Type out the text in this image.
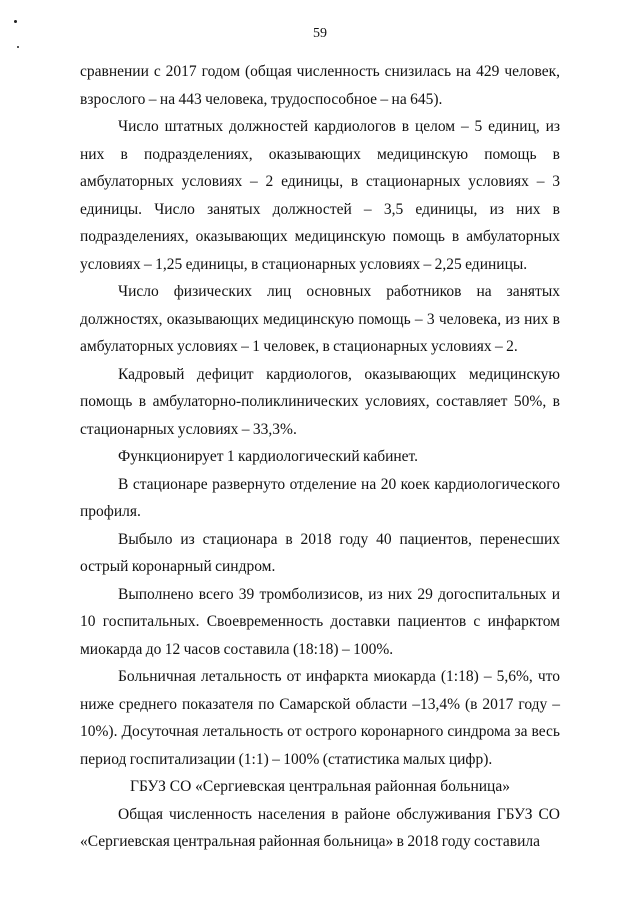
59

сравнении с 2017 годом (общая численность снизилась на 429 человек, взрослого – на 443 человека, трудоспособное – на 645).

Число штатных должностей кардиологов в целом – 5 единиц, из них в подразделениях, оказывающих медицинскую помощь в амбулаторных условиях – 2 единицы, в стационарных условиях – 3 единицы. Число занятых должностей – 3,5 единицы, из них в подразделениях, оказывающих медицинскую помощь в амбулаторных условиях – 1,25 единицы, в стационарных условиях – 2,25 единицы.

Число физических лиц основных работников на занятых должностях, оказывающих медицинскую помощь – 3 человека, из них в амбулаторных условиях – 1 человек, в стационарных условиях – 2.

Кадровый дефицит кардиологов, оказывающих медицинскую помощь в амбулаторно-поликлинических условиях, составляет 50%, в стационарных условиях – 33,3%.

Функционирует 1 кардиологический кабинет.

В стационаре развернуто отделение на 20 коек кардиологического профиля.

Выбыло из стационара в 2018 году 40 пациентов, перенесших острый коронарный синдром.

Выполнено всего 39 тромболизисов, из них 29 догоспитальных и 10 госпитальных. Своевременность доставки пациентов с инфарктом миокарда до 12 часов составила (18:18) – 100%.

Больничная летальность от инфаркта миокарда (1:18) – 5,6%, что ниже среднего показателя по Самарской области –13,4% (в 2017 году – 10%). Досуточная летальность от острого коронарного синдрома за весь период госпитализации (1:1) – 100% (статистика малых цифр).

ГБУЗ СО «Сергиевская центральная районная больница»

Общая численность населения в районе обслуживания ГБУЗ СО «Сергиевская центральная районная больница» в 2018 году составила
